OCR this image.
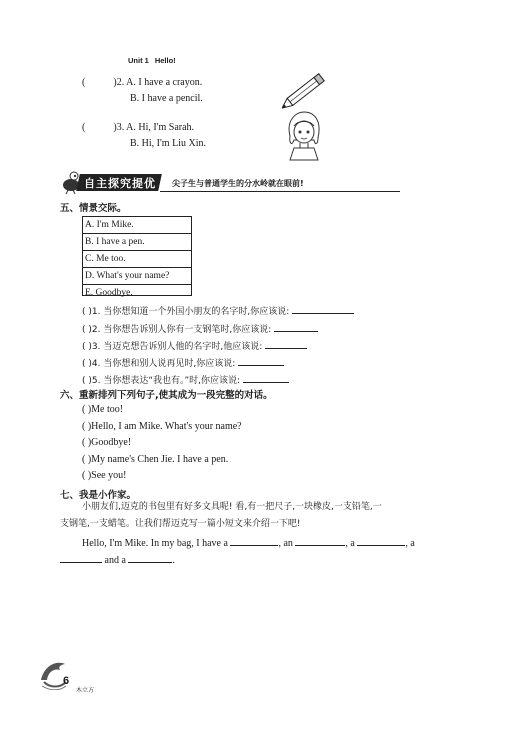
Unit 1 Hello!
(	)2. A. I have a crayon.
B. I have a pencil.
(	)3. A. Hi, I'm Sarah.
B. Hi, I'm Liu Xin.
自主探究提优 尖子生与普通学生的分水岭就在眼前!
五、情景交际。
A. I'm Mike.
B. I have a pen.
C. Me too.
D. What's your name?
E. Goodbye.
( )1. 当你想知道一个外国小朋友的名字时,你应该说:
( )2. 当你想告诉别人你有一支钢笔时,你应该说:
( )3. 当迈克想告诉别人他的名字时,他应该说:
( )4. 当你想和别人说再见时,你应该说:
( )5. 当你想表达“我也有。”时,你应该说:
六、重新排列下列句子,使其成为一段完整的对话。
( )Me too!
( )Hello, I am Mike. What's your name?
( )Goodbye!
( )My name's Chen Jie. I have a pen.
( )See you!
七、我是小作家。
小朋友们,迈克的书包里有好多文具呢! 看,有一把尺子,一块橡皮,一支铅笔,一
支钢笔,一支蜡笔。让我们帮迈克写一篇小短文来介绍一下吧!
Hello, I'm Mike. In my bag, I have a	, an	, a	, a
and a	.
6
木立方
